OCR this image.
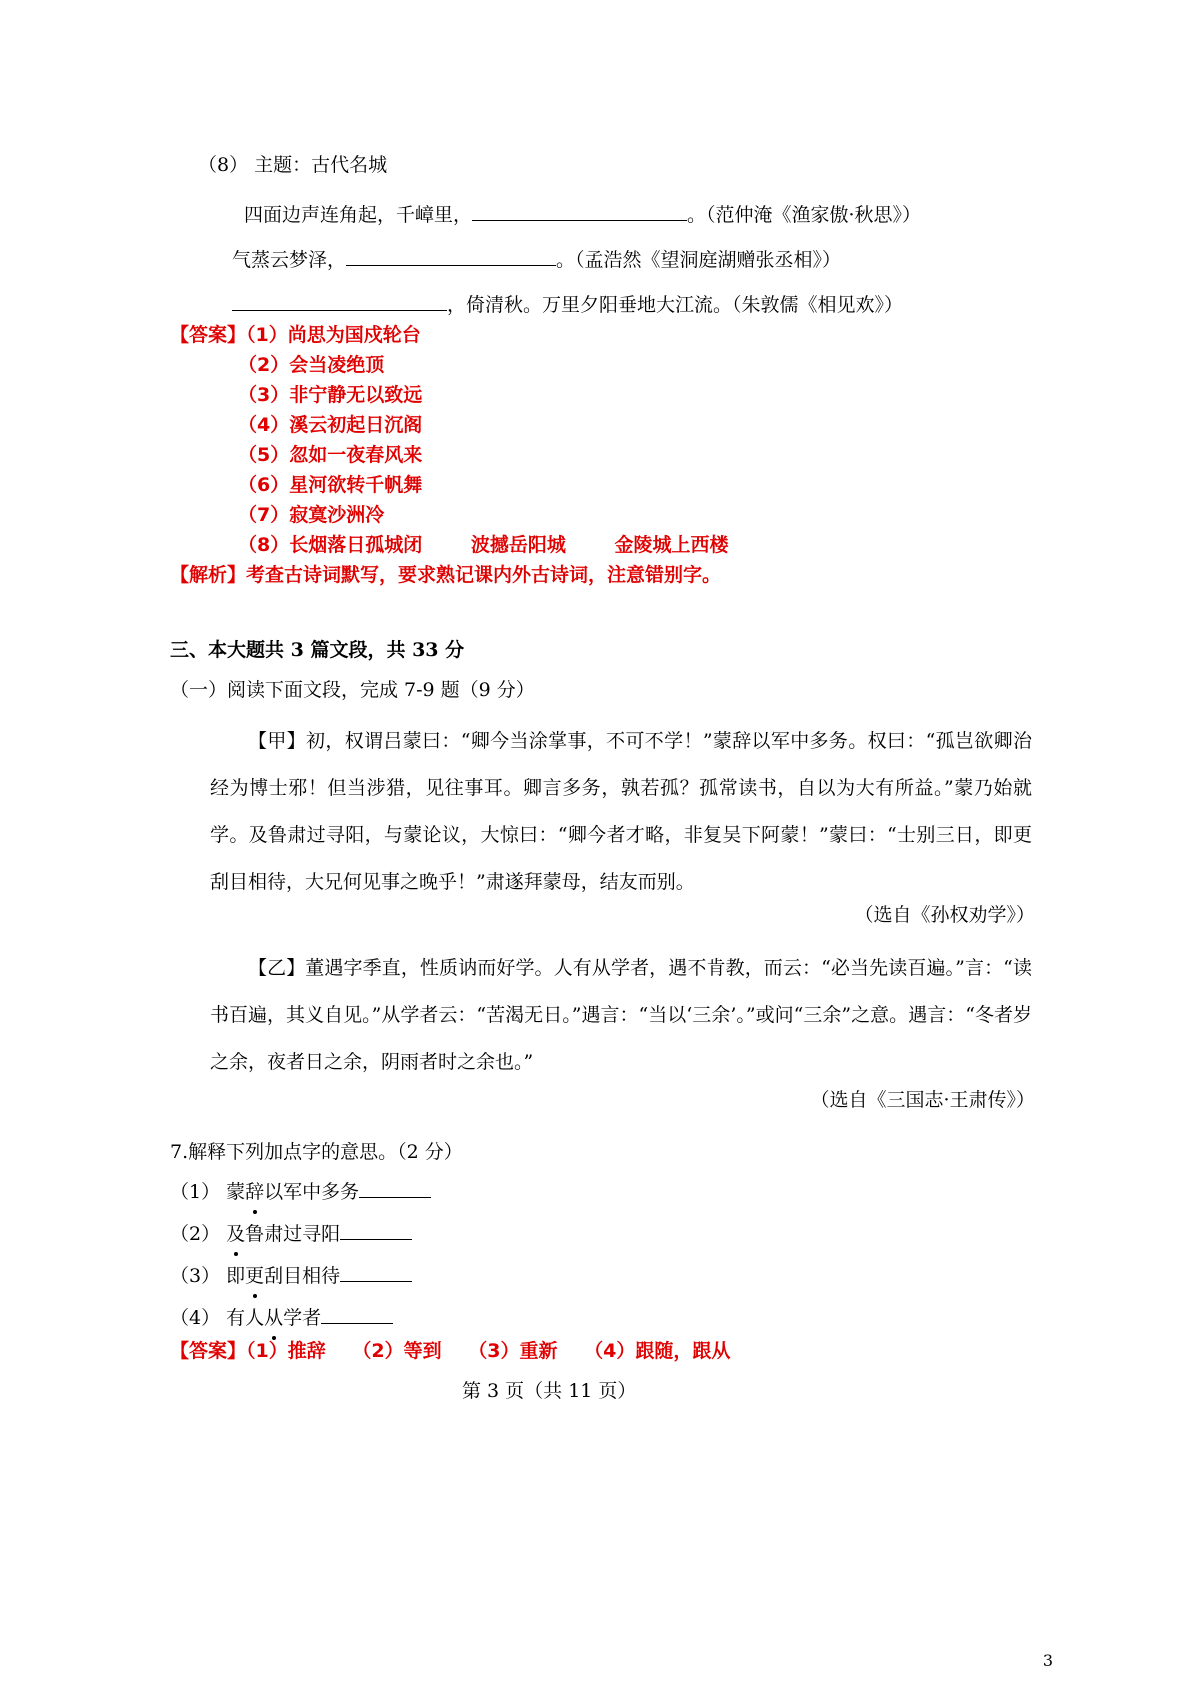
（8） 主题：古代名城
四面边声连角起，千嶂里，	。（范仲淹《渔家傲·秋思》）
气蒸云梦泽，	。（孟浩然《望洞庭湖赠张丞相》）
，倚清秋。万里夕阳垂地大江流。（朱敦儒《相见欢》）
【答案】（1）尚思为国戍轮台
（2）会当凌绝顶
（3）非宁静无以致远
（4）溪云初起日沉阁
（5）忽如一夜春风来
（6）星河欲转千帆舞
（7）寂寞沙洲冷
（8）长烟落日孤城闭	波撼岳阳城	金陵城上西楼
【解析】考查古诗词默写，要求熟记课内外古诗词，注意错别字。
三、本大题共 3 篇文段，共 33 分
（一）阅读下面文段，完成 7-9 题（9 分）
【甲】初，权谓吕蒙曰：“卿今当涂掌事，不可不学！”蒙辞以军中多务。权曰：“孤岂欲卿治经为博士邪！但当涉猎，见往事耳。卿言多务，孰若孤？孤常读书，自以为大有所益。”蒙乃始就学。及鲁肃过寻阳，与蒙论议，大惊曰：“卿今者才略，非复吴下阿蒙！”蒙曰：“士别三日，即更刮目相待，大兄何见事之晚乎！”肃遂拜蒙母，结友而别。
（选自《孙权劝学》）
【乙】董遇字季直，性质讷而好学。人有从学者，遇不肯教，而云：“必当先读百遍。”言：“读书百遍，其义自见。”从学者云：“苦渴无日。”遇言：“当以‘三余’。”或问“三余”之意。遇言：“冬者岁之余，夜者日之余，阴雨者时之余也。”
（选自《三国志·王肃传》）
7.解释下列加点字的意思。（2 分）
（1） 蒙辞以军中多务
（2） 及鲁肃过寻阳
（3） 即更刮目相待
（4） 有人从学者
【答案】（1）推辞 （2）等到 （3）重新 （4）跟随，跟从
第 3 页（共 11 页）
3
